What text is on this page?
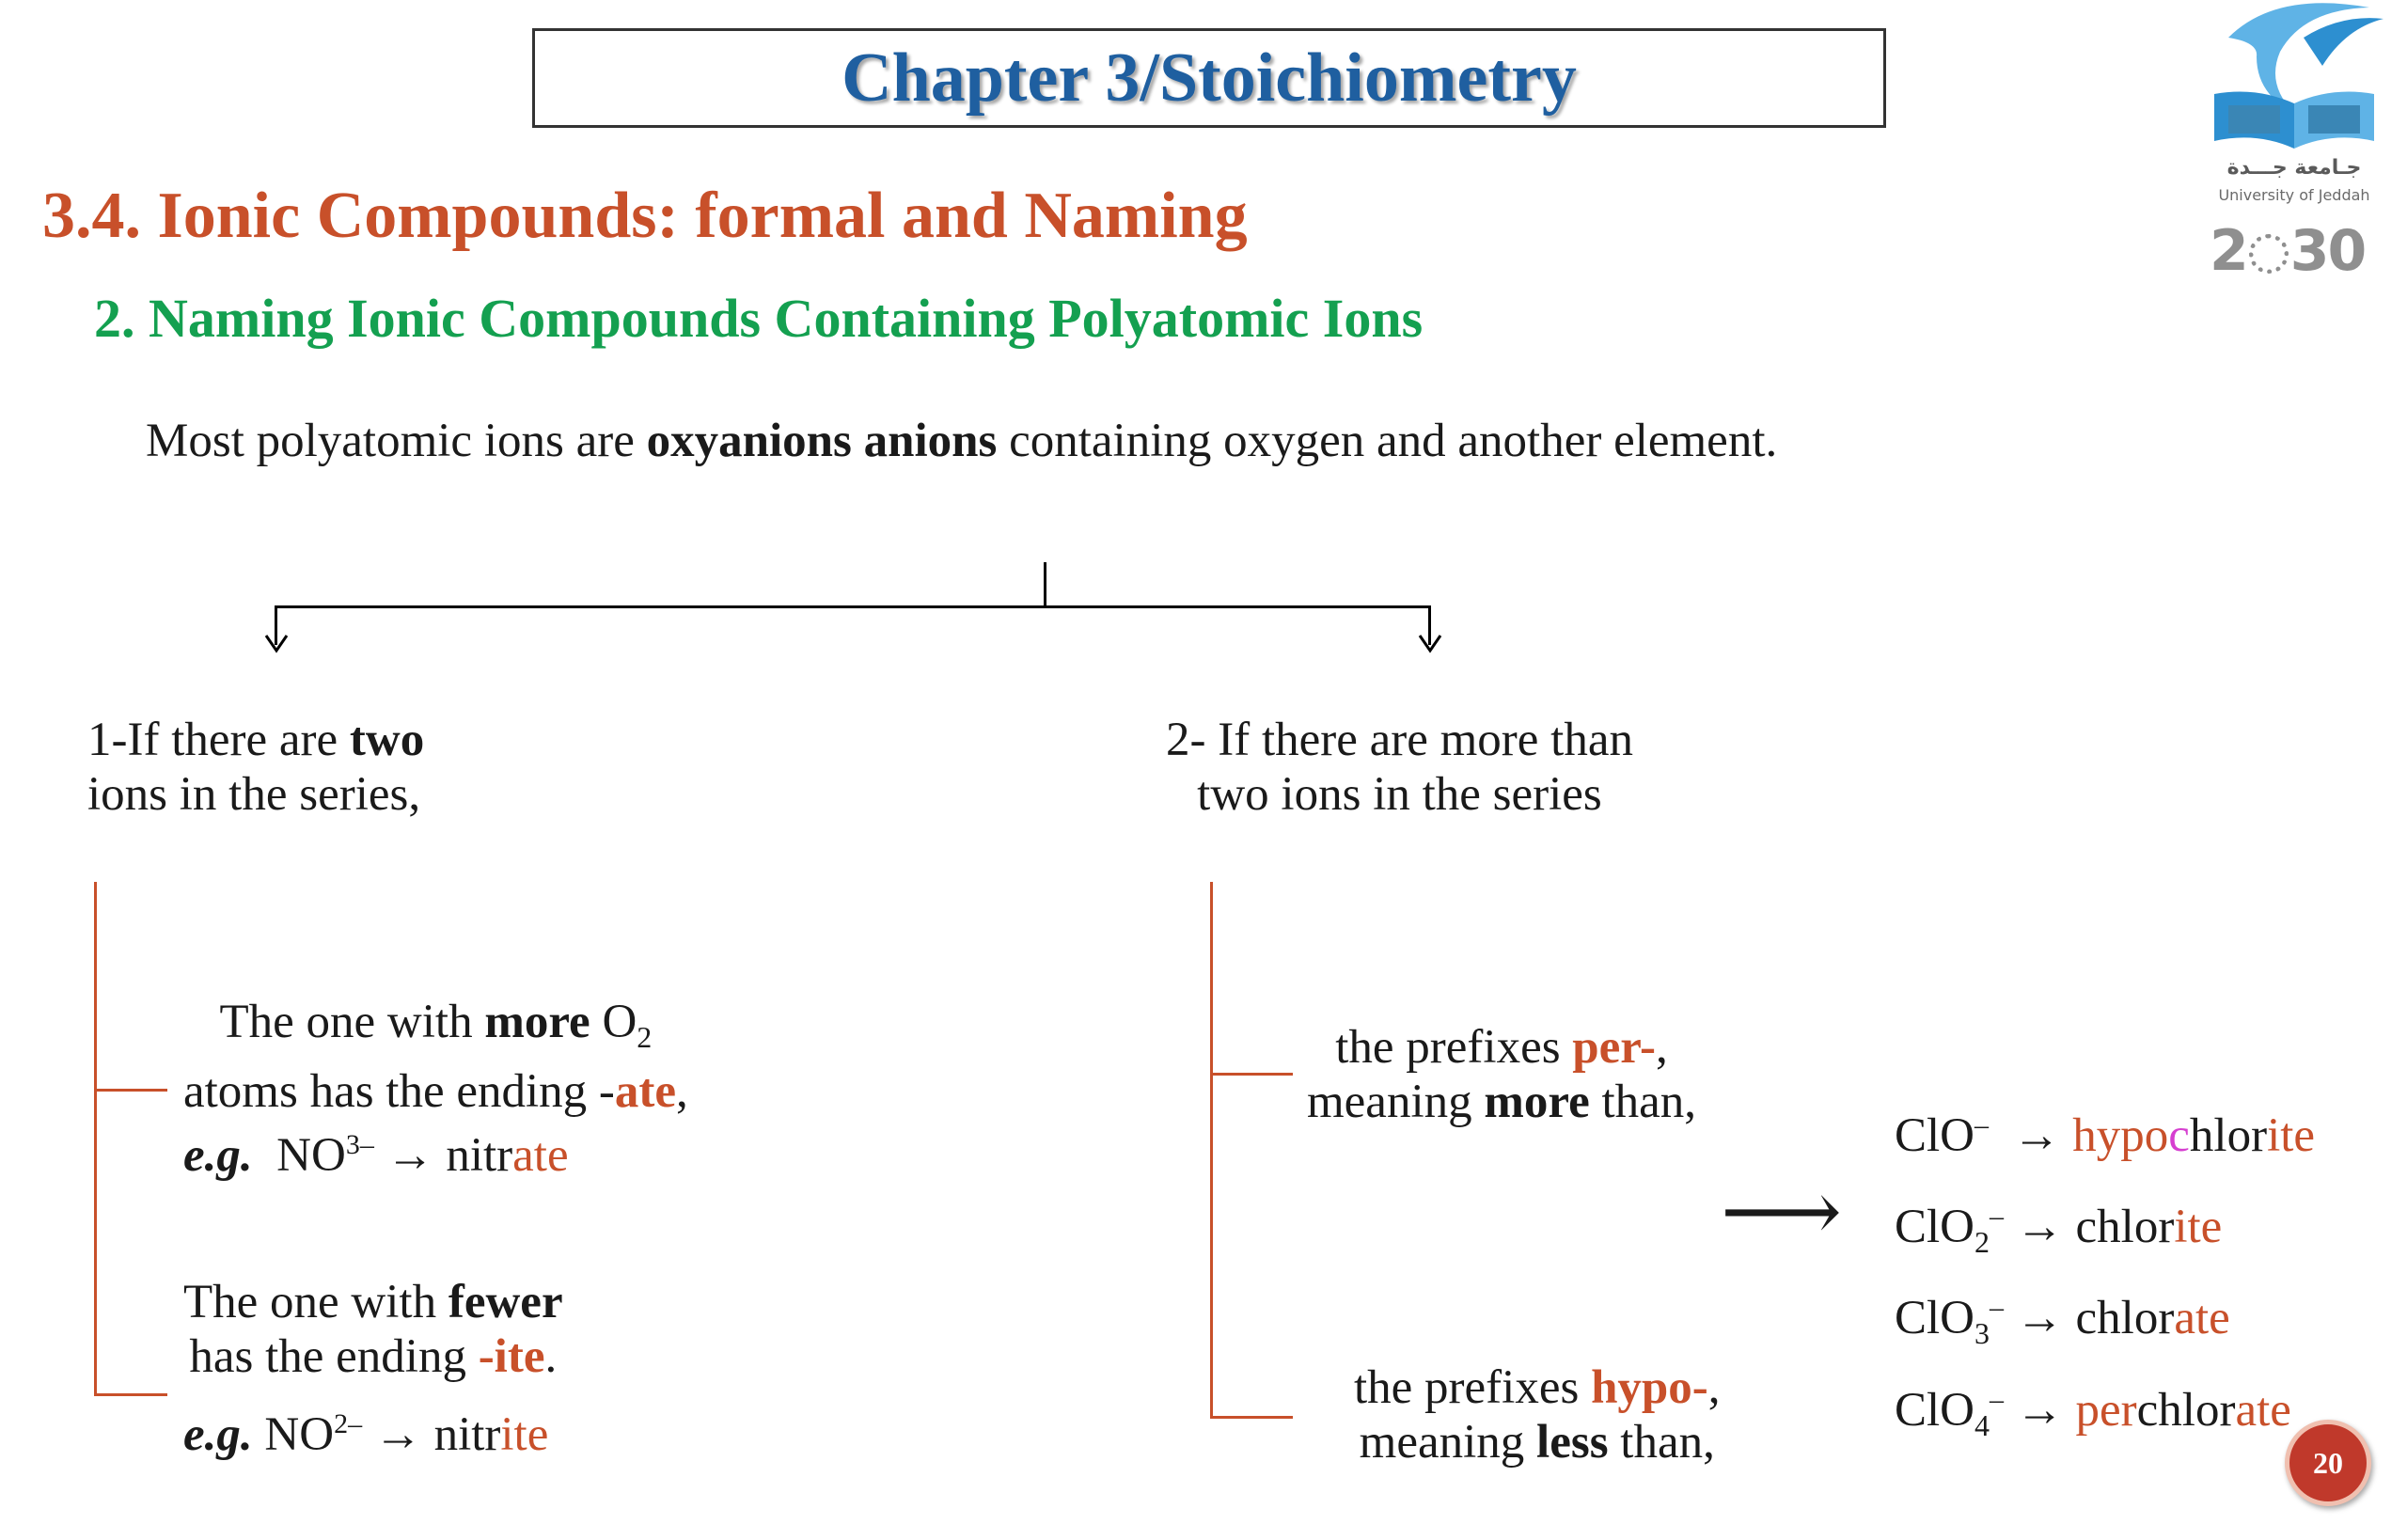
Chapter 3/Stoichiometry
3.4. Ionic Compounds: formal and Naming
2. Naming Ionic Compounds Containing Polyatomic Ions
Most polyatomic ions are oxyanions anions containing oxygen and another element.
1-If there are two
ions in the series,
2- If there are more than
two ions in the series
The one with more $O_2$
atoms has the ending -ate,
e.g. $NO^{3-}$ → nitrate
The one with fewer
has the ending -ite.
e.g. $NO^{2-}$ → nitrite
the prefixes per-,
meaning more than,
the prefixes hypo-,
meaning less than,
⟶
ClO– → hypochlorite
ClO$_2$– → chlorite
ClO$_3$– → chlorate
ClO$_4$– → perchlorate
جـامعة جـــدة
University of Jeddah
2 30
20
